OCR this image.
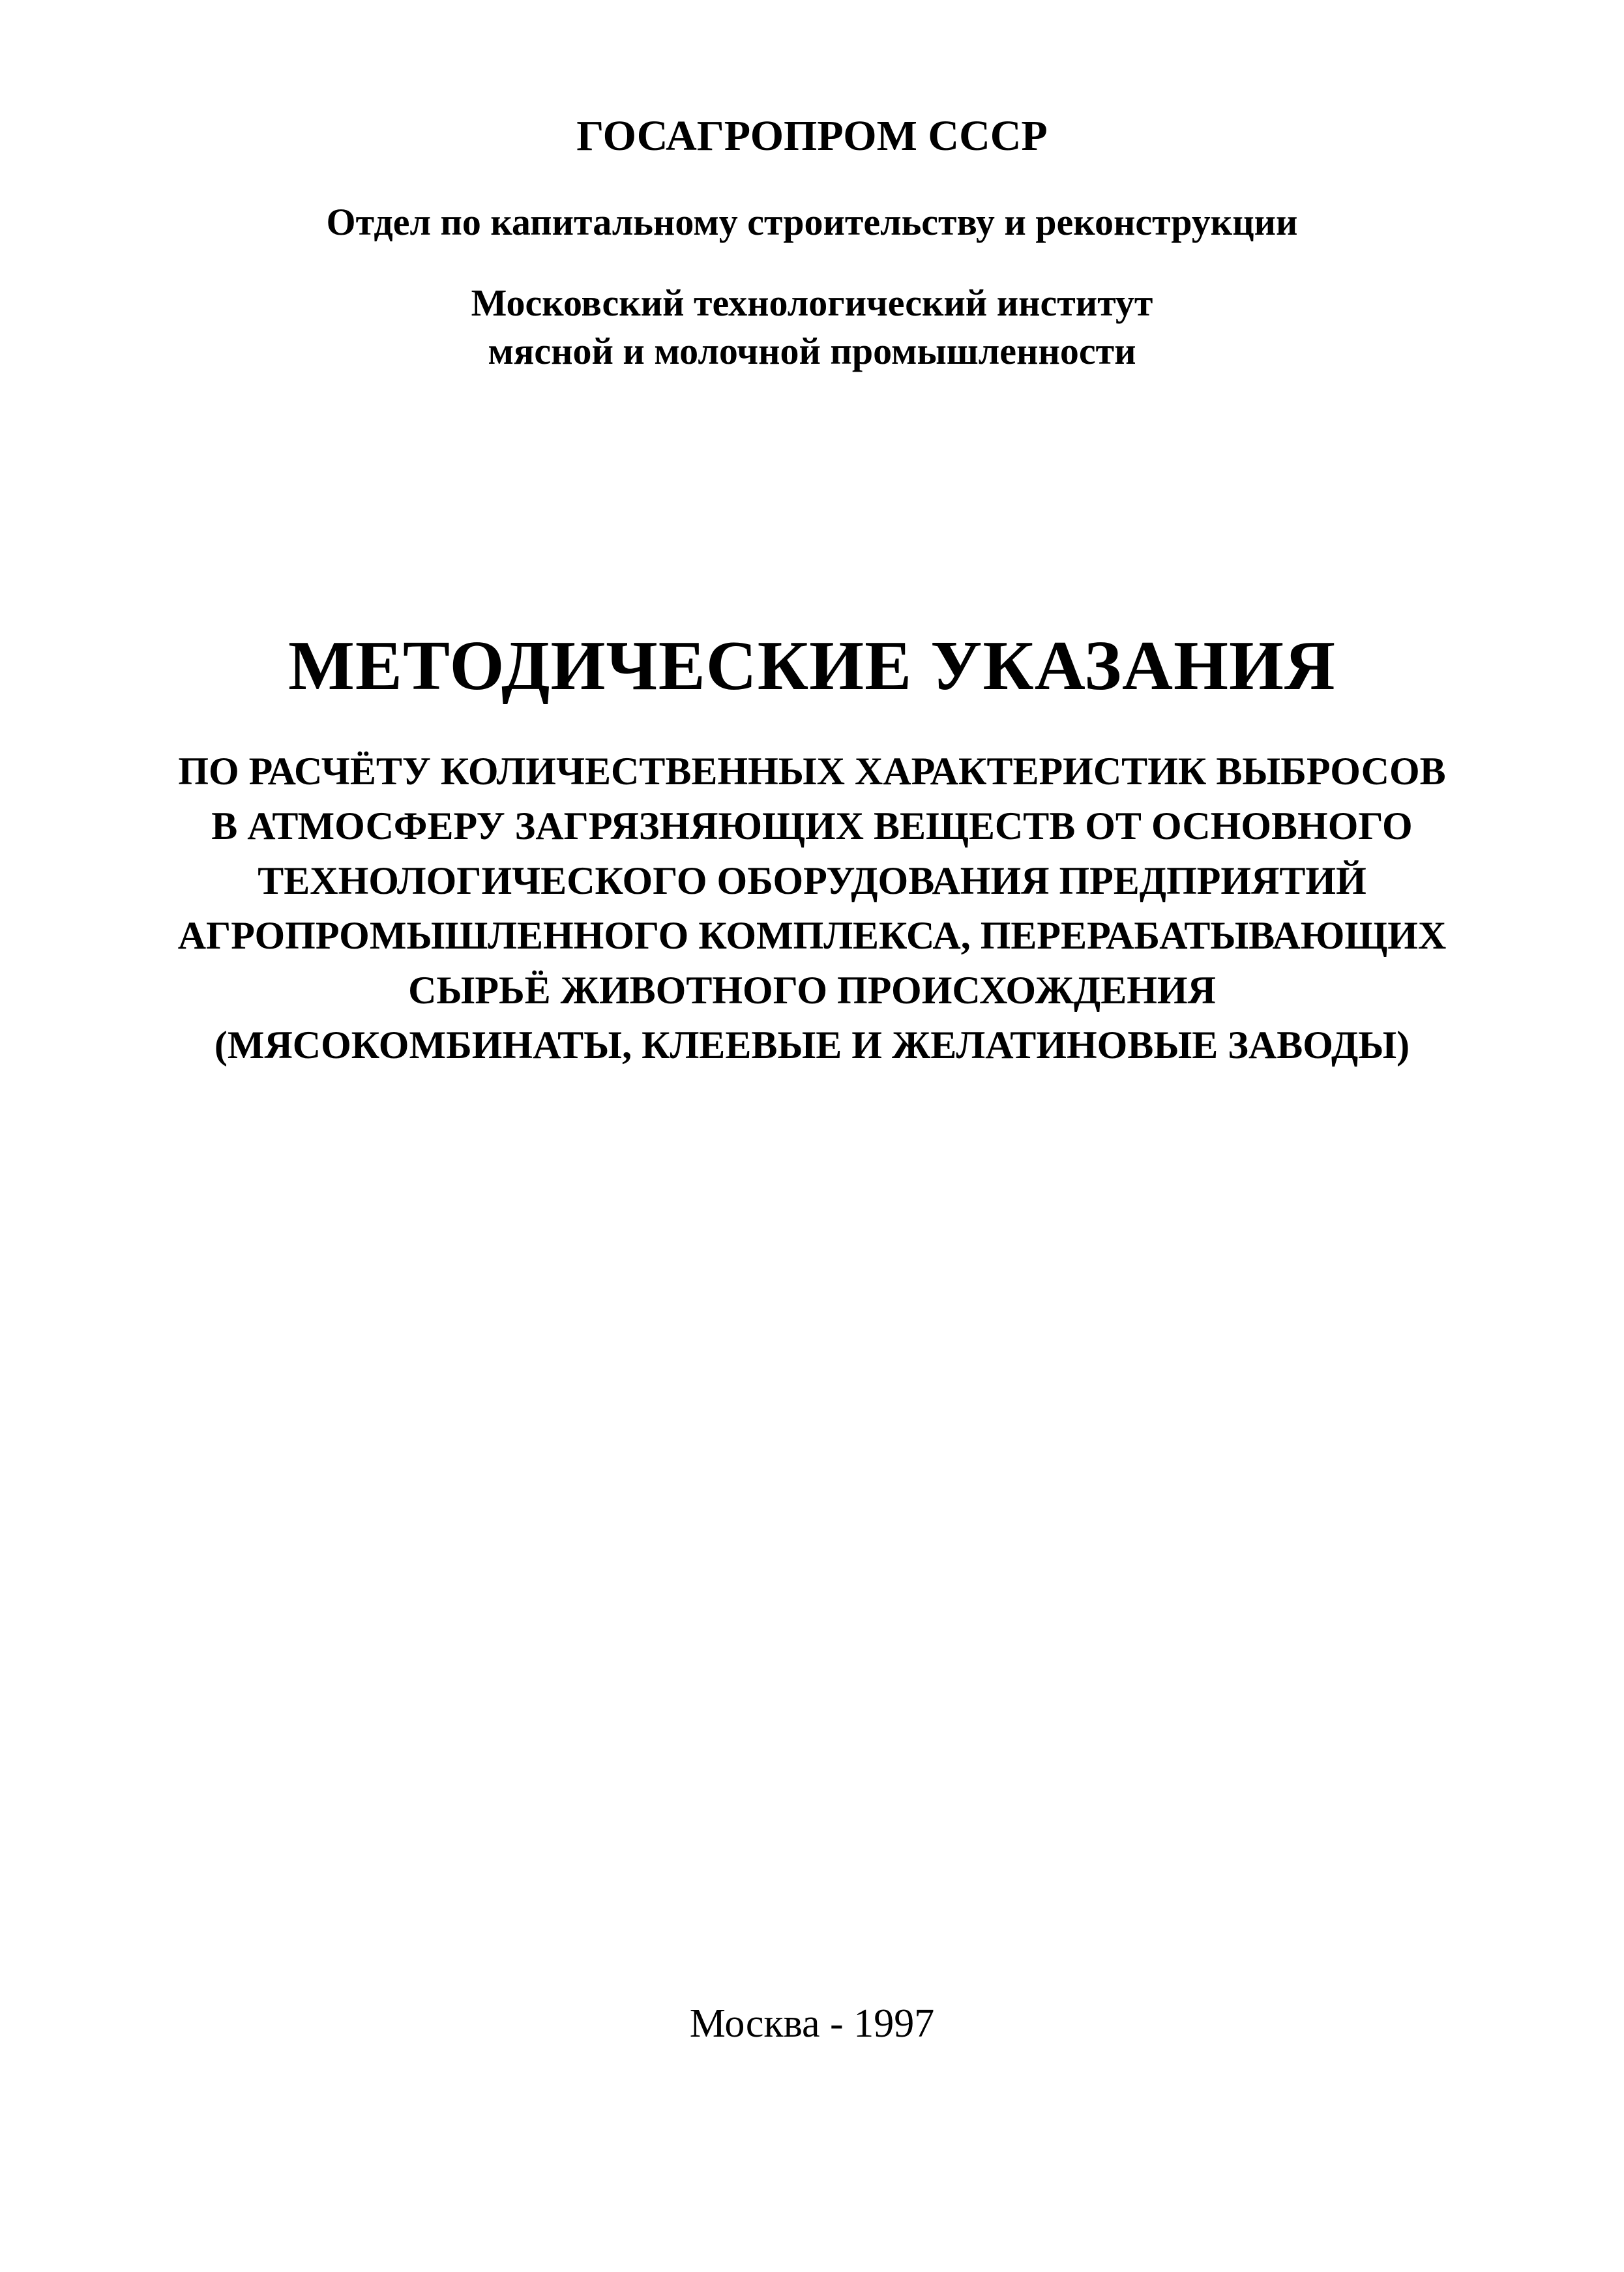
ГОСАГРОПРОМ СССР
Отдел по капитальному строительству и реконструкции
Московский технологический институт
мясной и молочной промышленности
МЕТОДИЧЕСКИЕ УКАЗАНИЯ
ПО РАСЧЁТУ КОЛИЧЕСТВЕННЫХ ХАРАКТЕРИСТИК ВЫБРОСОВ
В АТМОСФЕРУ ЗАГРЯЗНЯЮЩИХ ВЕЩЕСТВ ОТ ОСНОВНОГО
ТЕХНОЛОГИЧЕСКОГО ОБОРУДОВАНИЯ ПРЕДПРИЯТИЙ
АГРОПРОМЫШЛЕННОГО КОМПЛЕКСА, ПЕРЕРАБАТЫВАЮЩИХ
СЫРЬЁ ЖИВОТНОГО ПРОИСХОЖДЕНИЯ
(МЯСОКОМБИНАТЫ, КЛЕЕВЫЕ И ЖЕЛАТИНОВЫЕ ЗАВОДЫ)
Москва - 1997
